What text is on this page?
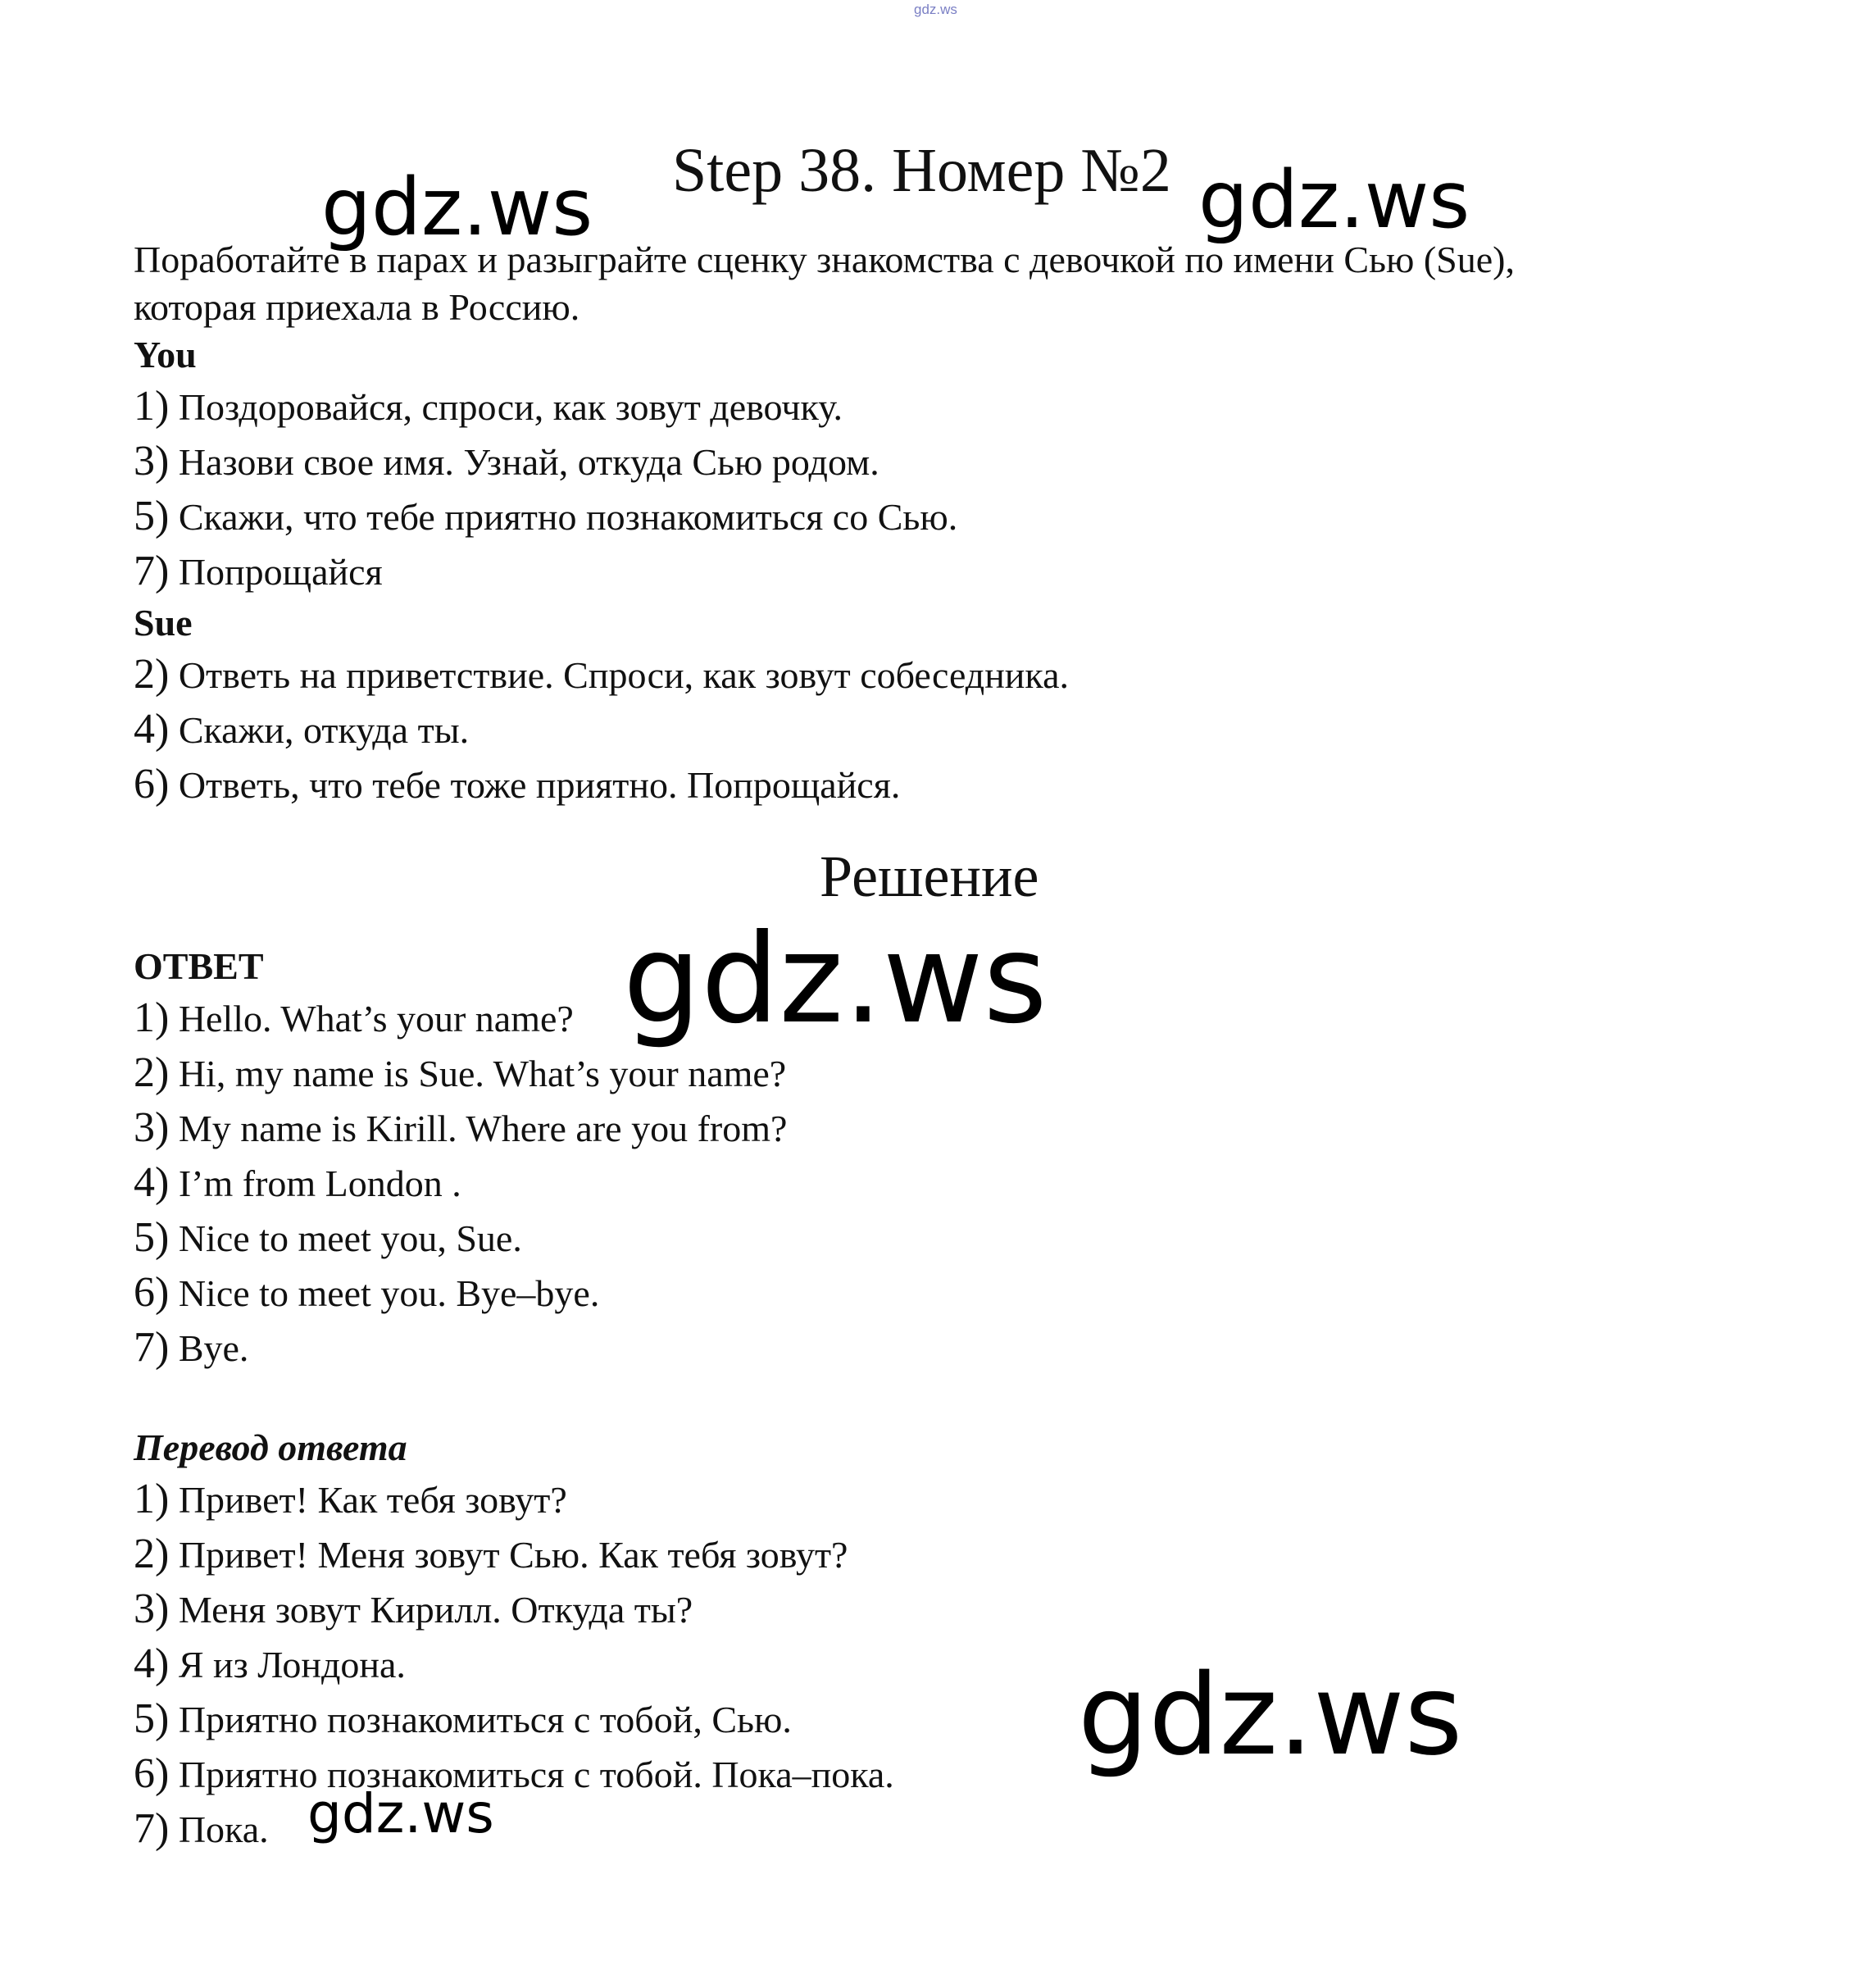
gdz.ws
Step 38. Номер №2
Поработайте в парах и разыграйте сценку знакомства с девочкой по имени Сью (Sue), которая приехала в Россию.
You
1) Поздоровайся, спроси, как зовут девочку.
3) Назови свое имя. Узнай, откуда Сью родом.
5) Скажи, что тебе приятно познакомиться со Сью.
7) Попрощайся
Sue
2) Ответь на приветствие. Спроси, как зовут собеседника.
4) Скажи, откуда ты.
6) Ответь, что тебе тоже приятно. Попрощайся.
Решение
ОТВЕТ
1) Hello. What’s your name?
2) Hi, my name is Sue. What’s your name?
3) My name is Kirill. Where are you from?
4) I’m from London .
5) Nice to meet you, Sue.
6) Nice to meet you. Bye–bye.
7) Bye.
Перевод ответа
1) Привет! Как тебя зовут?
2) Привет! Меня зовут Сью. Как тебя зовут?
3) Меня зовут Кирилл. Откуда ты?
4) Я из Лондона.
5) Приятно познакомиться с тобой, Сью.
6) Приятно познакомиться с тобой. Пока–пока.
7) Пока.
gdz.ws	gdz.ws
gdz.ws
gdz.ws
gdz.ws
